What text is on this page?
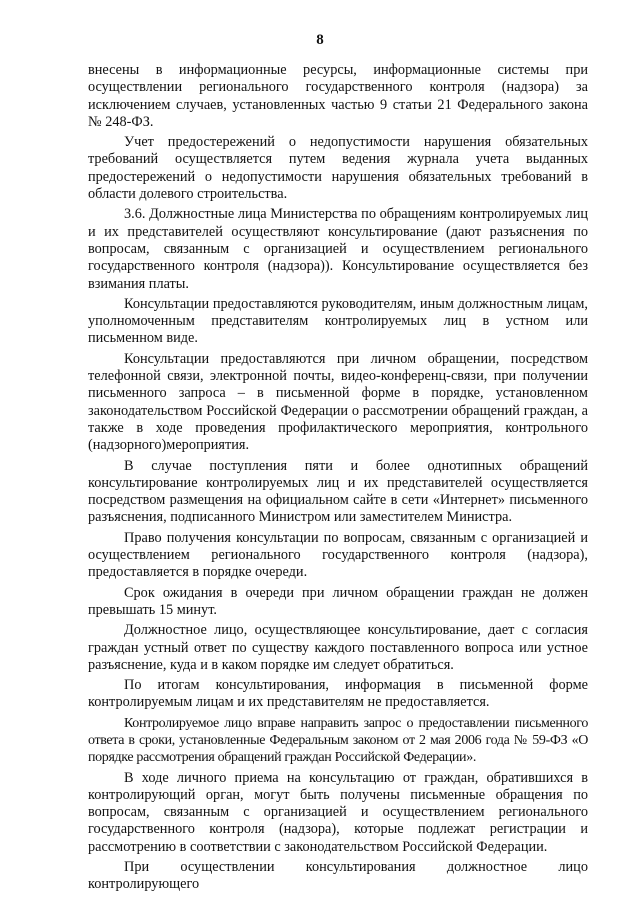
8

внесены в информационные ресурсы, информационные системы при осуществлении регионального государственного контроля (надзора) за исключением случаев, установленных частью 9 статьи 21 Федерального закона № 248-ФЗ.

Учет предостережений о недопустимости нарушения обязательных требований осуществляется путем ведения журнала учета выданных предостережений о недопустимости нарушения обязательных требований в области долевого строительства.

3.6. Должностные лица Министерства по обращениям контролируемых лиц и их представителей осуществляют консультирование (дают разъяснения по вопросам, связанным с организацией и осуществлением регионального государственного контроля (надзора)). Консультирование осуществляется без взимания платы.

Консультации предоставляются руководителям, иным должностным лицам, уполномоченным представителям контролируемых лиц в устном или письменном виде.

Консультации предоставляются при личном обращении, посредством телефонной связи, электронной почты, видео-конференц-связи, при получении письменного запроса – в письменной форме в порядке, установленном законодательством Российской Федерации о рассмотрении обращений граждан, а также в ходе проведения профилактического мероприятия, контрольного (надзорного)мероприятия.

В случае поступления пяти и более однотипных обращений консультирование контролируемых лиц и их представителей осуществляется посредством размещения на официальном сайте в сети «Интернет» письменного разъяснения, подписанного Министром или заместителем Министра.

Право получения консультации по вопросам, связанным с организацией и осуществлением регионального государственного контроля (надзора), предоставляется в порядке очереди.

Срок ожидания в очереди при личном обращении граждан не должен превышать 15 минут.

Должностное лицо, осуществляющее консультирование, дает с согласия граждан устный ответ по существу каждого поставленного вопроса или устное разъяснение, куда и в каком порядке им следует обратиться.

По итогам консультирования, информация в письменной форме контролируемым лицам и их представителям не предоставляется.

Контролируемое лицо вправе направить запрос о предоставлении письменного ответа в сроки, установленные Федеральным законом от 2 мая 2006 года № 59-ФЗ «О порядке рассмотрения обращений граждан Российской Федерации».

В ходе личного приема на консультацию от граждан, обратившихся в контролирующий орган, могут быть получены письменные обращения по вопросам, связанным с организацией и осуществлением регионального государственного контроля (надзора), которые подлежат регистрации и рассмотрению в соответствии с законодательством Российской Федерации.

При осуществлении консультирования должностное лицо контролирующего
